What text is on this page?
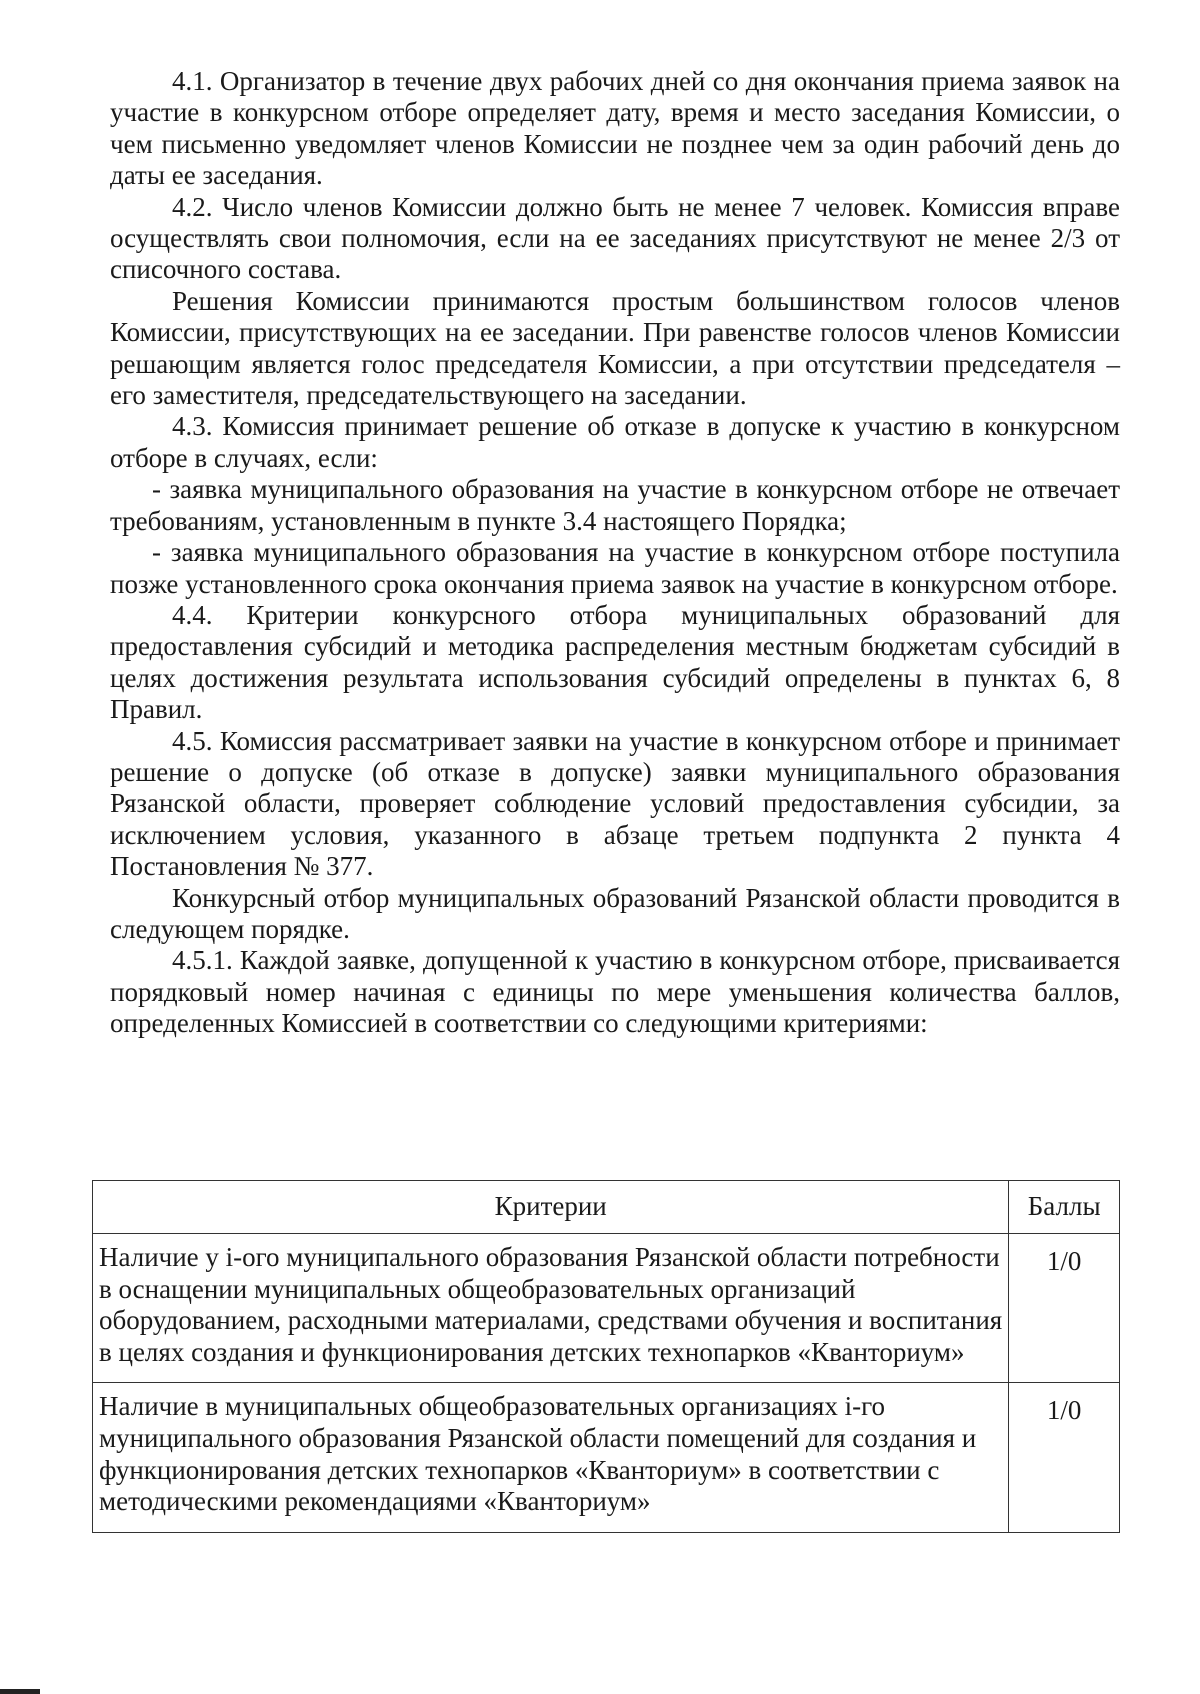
4.1. Организатор в течение двух рабочих дней со дня окончания приема заявок на участие в конкурсном отборе определяет дату, время и место заседания Комиссии, о чем письменно уведомляет членов Комиссии не позднее чем за один рабочий день до даты ее заседания.

4.2. Число членов Комиссии должно быть не менее 7 человек. Комиссия вправе осуществлять свои полномочия, если на ее заседаниях присутствуют не менее 2/3 от списочного состава.

Решения Комиссии принимаются простым большинством голосов членов Комиссии, присутствующих на ее заседании. При равенстве голосов членов Комиссии решающим является голос председателя Комиссии, а при отсутствии председателя – его заместителя, председательствующего на заседании.

4.3. Комиссия принимает решение об отказе в допуске к участию в конкурсном отборе в случаях, если:

- заявка муниципального образования на участие в конкурсном отборе не отвечает требованиям, установленным в пункте 3.4 настоящего Порядка;

- заявка муниципального образования на участие в конкурсном отборе поступила позже установленного срока окончания приема заявок на участие в конкурсном отборе.

4.4. Критерии конкурсного отбора муниципальных образований для предоставления субсидий и методика распределения местным бюджетам субсидий в целях достижения результата использования субсидий определены в пунктах 6, 8 Правил.

4.5. Комиссия рассматривает заявки на участие в конкурсном отборе и принимает решение о допуске (об отказе в допуске) заявки муниципального образования Рязанской области, проверяет соблюдение условий предоставления субсидии, за исключением условия, указанного в абзаце третьем подпункта 2 пункта 4 Постановления № 377.

Конкурсный отбор муниципальных образований Рязанской области проводится в следующем порядке.

4.5.1. Каждой заявке, допущенной к участию в конкурсном отборе, присваивается порядковый номер начиная с единицы по мере уменьшения количества баллов, определенных Комиссией в соответствии со следующими критериями:

Критерии	Баллы
Наличие у i-ого муниципального образования Рязанской области потребности в оснащении муниципальных общеобразовательных организаций оборудованием, расходными материалами, средствами обучения и воспитания в целях создания и функционирования детских технопарков «Кванториум»	1/0
Наличие в муниципальных общеобразовательных организациях i-го муниципального образования Рязанской области помещений для создания и функционирования детских технопарков «Кванториум» в соответствии с методическими рекомендациями «Кванториум»	1/0
